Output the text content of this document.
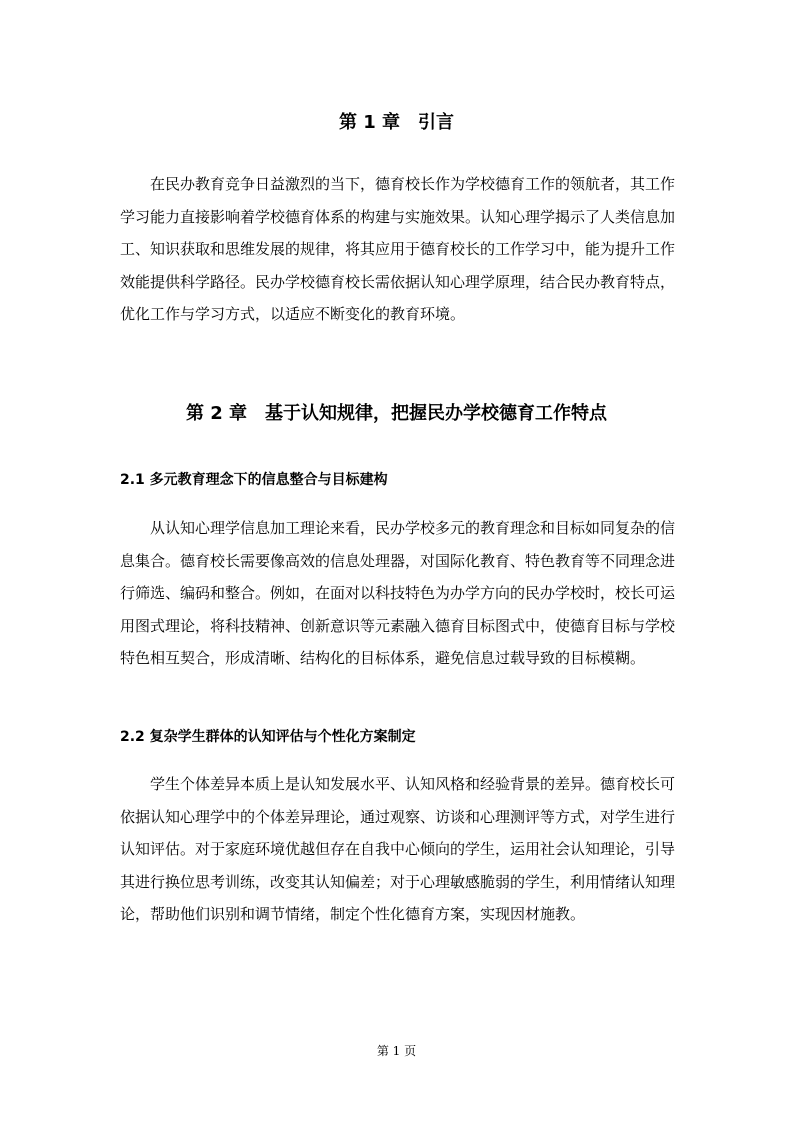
第 1 章　引言

在民办教育竞争日益激烈的当下，德育校长作为学校德育工作的领航者，其工作学习能力直接影响着学校德育体系的构建与实施效果。认知心理学揭示了人类信息加工、知识获取和思维发展的规律，将其应用于德育校长的工作学习中，能为提升工作效能提供科学路径。民办学校德育校长需依据认知心理学原理，结合民办教育特点，优化工作与学习方式，以适应不断变化的教育环境。

第 2 章　基于认知规律，把握民办学校德育工作特点
2.1 多元教育理念下的信息整合与目标建构

从认知心理学信息加工理论来看，民办学校多元的教育理念和目标如同复杂的信息集合。德育校长需要像高效的信息处理器，对国际化教育、特色教育等不同理念进行筛选、编码和整合。例如，在面对以科技特色为办学方向的民办学校时，校长可运用图式理论，将科技精神、创新意识等元素融入德育目标图式中，使德育目标与学校特色相互契合，形成清晰、结构化的目标体系，避免信息过载导致的目标模糊。

2.2 复杂学生群体的认知评估与个性化方案制定

学生个体差异本质上是认知发展水平、认知风格和经验背景的差异。德育校长可依据认知心理学中的个体差异理论，通过观察、访谈和心理测评等方式，对学生进行认知评估。对于家庭环境优越但存在自我中心倾向的学生，运用社会认知理论，引导其进行换位思考训练，改变其认知偏差；对于心理敏感脆弱的学生，利用情绪认知理论，帮助他们识别和调节情绪，制定个性化德育方案，实现因材施教。

第 1 页
